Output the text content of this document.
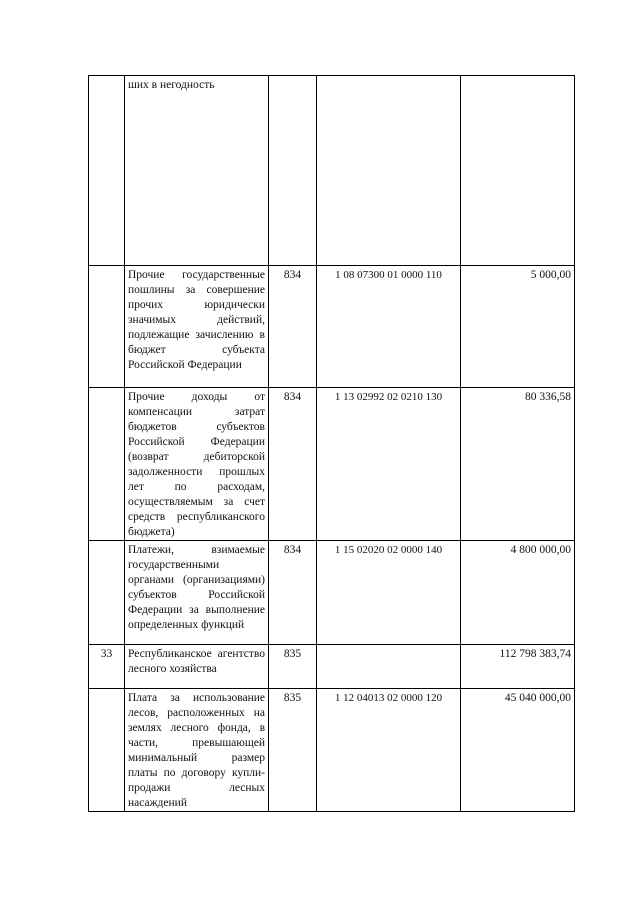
	ших в негодность			
	Прочие государственные пошлины за совершение прочих юридически значимых действий, подлежащие зачислению в бюджет субъекта Российской Федерации	834	1 08 07300 01 0000 110	5 000,00
	Прочие доходы от компенсации затрат бюджетов субъектов Российской Федерации (возврат дебиторской задолженности прошлых лет по расходам, осуществляемым за счет средств республиканского бюджета)	834	1 13 02992 02 0210 130	80 336,58
	Платежи, взимаемые государственными органами (организациями) субъектов Российской Федерации за выполнение определенных функций	834	1 15 02020 02 0000 140	4 800 000,00
33	Республиканское агентство лесного хозяйства	835		112 798 383,74
	Плата за использование лесов, расположенных на землях лесного фонда, в части, превышающей минимальный размер платы по договору купли-продажи лесных насаждений	835	1 12 04013 02 0000 120	45 040 000,00
